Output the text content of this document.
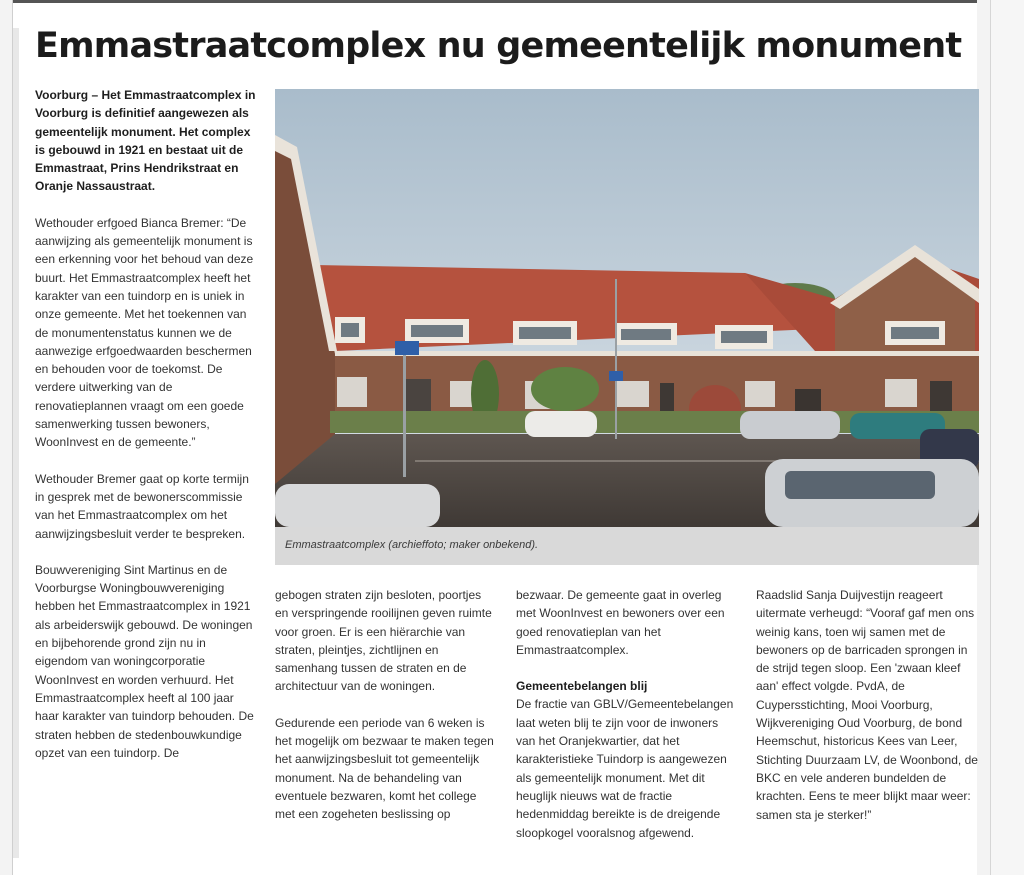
Emmastraatcomplex nu gemeentelijk monument

Voorburg – Het Emmastraatcomplex in Voorburg is definitief aangewezen als gemeentelijk monument. Het complex is gebouwd in 1921 en bestaat uit de Emmastraat, Prins Hendrikstraat en Oranje Nassaustraat.

Wethouder erfgoed Bianca Bremer: “De aanwijzing als gemeentelijk monument is een erkenning voor het behoud van deze buurt. Het Emmastraatcomplex heeft het karakter van een tuindorp en is uniek in onze gemeente. Met het toekennen van de monumentenstatus kunnen we de aanwezige erfgoedwaarden beschermen en behouden voor de toekomst. De verdere uitwerking van de renovatieplannen vraagt om een goede samenwerking tussen bewoners, WoonInvest en de gemeente.”

Wethouder Bremer gaat op korte termijn in gesprek met de bewonerscommissie van het Emmastraatcomplex om het aanwijzingsbesluit verder te bespreken.

Bouwvereniging Sint Martinus en de Voorburgse Woningbouwvereniging hebben het Emmastraatcomplex in 1921 als arbeiderswijk gebouwd. De woningen en bijbehorende grond zijn nu in eigendom van woningcorporatie WoonInvest en worden verhuurd. Het Emmastraatcomplex heeft al 100 jaar haar karakter van tuindorp behouden. De straten hebben de stedenbouwkundige opzet van een tuindorp. De

Emmastraatcomplex (archieffoto; maker onbekend).

gebogen straten zijn besloten, poortjes en verspringende rooilijnen geven ruimte voor groen. Er is een hiërarchie van straten, pleintjes, zichtlijnen en samenhang tussen de straten en de architectuur van de woningen.

Gedurende een periode van 6 weken is het mogelijk om bezwaar te maken tegen het aanwijzingsbesluit tot gemeentelijk monument. Na de behandeling van eventuele bezwaren, komt het college met een zogeheten beslissing op

bezwaar. De gemeente gaat in overleg met WoonInvest en bewoners over een goed renovatieplan van het Emmastraatcomplex.

Gemeentebelangen blij

De fractie van GBLV/Gemeentebelangen laat weten blij te zijn voor de inwoners van het Oranjekwartier, dat het karakteristieke Tuindorp is aangewezen als gemeentelijk monument. Met dit heuglijk nieuws wat de fractie hedenmiddag bereikte is de dreigende sloopkogel vooralsnog afgewend.

Raadslid Sanja Duijvestijn reageert uitermate verheugd: “Vooraf gaf men ons weinig kans, toen wij samen met de bewoners op de barricaden sprongen in de strijd tegen sloop. Een 'zwaan kleef aan' effect volgde. PvdA, de Cuypersstichting, Mooi Voorburg, Wijkvereniging Oud Voorburg, de bond Heemschut, historicus Kees van Leer, Stichting Duurzaam LV, de Woonbond, de BKC en vele anderen bundelden de krachten. Eens te meer blijkt maar weer: samen sta je sterker!”
